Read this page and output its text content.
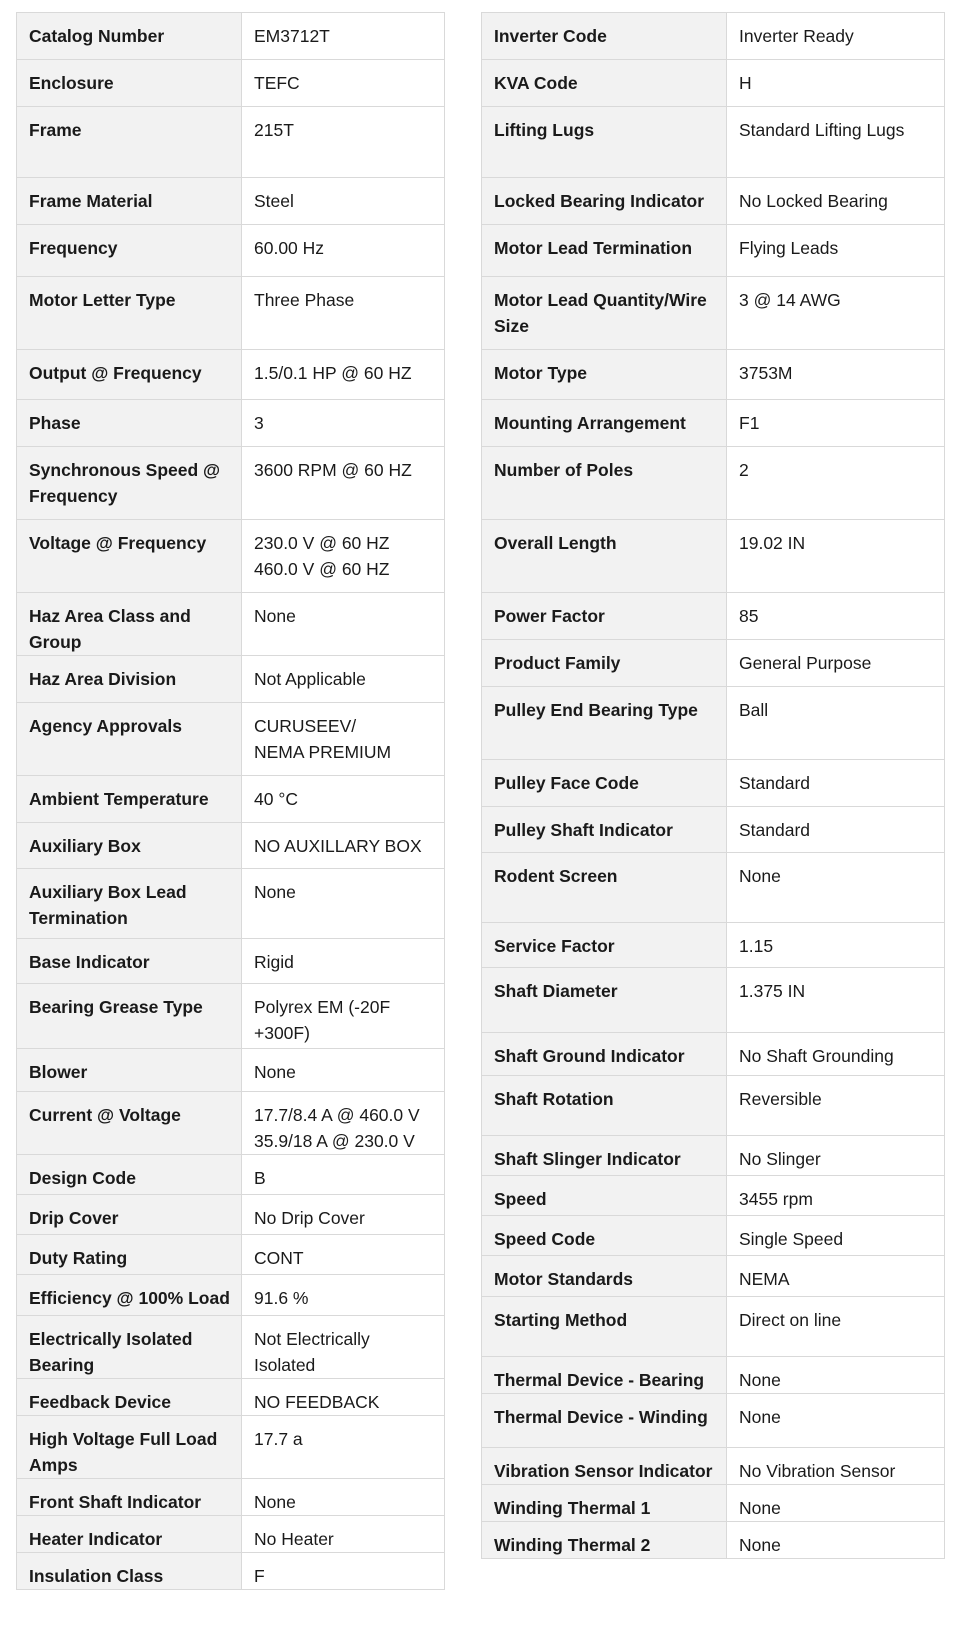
Catalog Number	EM3712T
Enclosure	TEFC
Frame	215T
Frame Material	Steel
Frequency	60.00 Hz
Motor Letter Type	Three Phase
Output @ Frequency	1.5/0.1 HP @ 60 HZ
Phase	3
Synchronous Speed @ Frequency	3600 RPM @ 60 HZ
Voltage @ Frequency	230.0 V @ 60 HZ
460.0 V @ 60 HZ
Haz Area Class and Group	None
Haz Area Division	Not Applicable
Agency Approvals	CURUSEEV/
NEMA PREMIUM
Ambient Temperature	40 °C
Auxiliary Box	NO AUXILLARY BOX
Auxiliary Box Lead Termination	None
Base Indicator	Rigid
Bearing Grease Type	Polyrex EM (-20F +300F)
Blower	None
Current @ Voltage	17.7/8.4 A @ 460.0 V
35.9/18 A @ 230.0 V
Design Code	B
Drip Cover	No Drip Cover
Duty Rating	CONT
Efficiency @ 100% Load	91.6 %
Electrically Isolated Bearing	Not Electrically Isolated
Feedback Device	NO FEEDBACK
High Voltage Full Load Amps	17.7 a
Front Shaft Indicator	None
Heater Indicator	No Heater
Insulation Class	F
Inverter Code	Inverter Ready
KVA Code	H
Lifting Lugs	Standard Lifting Lugs
Locked Bearing Indicator	No Locked Bearing
Motor Lead Termination	Flying Leads
Motor Lead Quantity/Wire Size	3 @ 14 AWG
Motor Type	3753M
Mounting Arrangement	F1
Number of Poles	2
Overall Length	19.02 IN
Power Factor	85
Product Family	General Purpose
Pulley End Bearing Type	Ball
Pulley Face Code	Standard
Pulley Shaft Indicator	Standard
Rodent Screen	None
Service Factor	1.15
Shaft Diameter	1.375 IN
Shaft Ground Indicator	No Shaft Grounding
Shaft Rotation	Reversible
Shaft Slinger Indicator	No Slinger
Speed	3455 rpm
Speed Code	Single Speed
Motor Standards	NEMA
Starting Method	Direct on line
Thermal Device - Bearing	None
Thermal Device - Winding	None
Vibration Sensor Indicator	No Vibration Sensor
Winding Thermal 1	None
Winding Thermal 2	None
